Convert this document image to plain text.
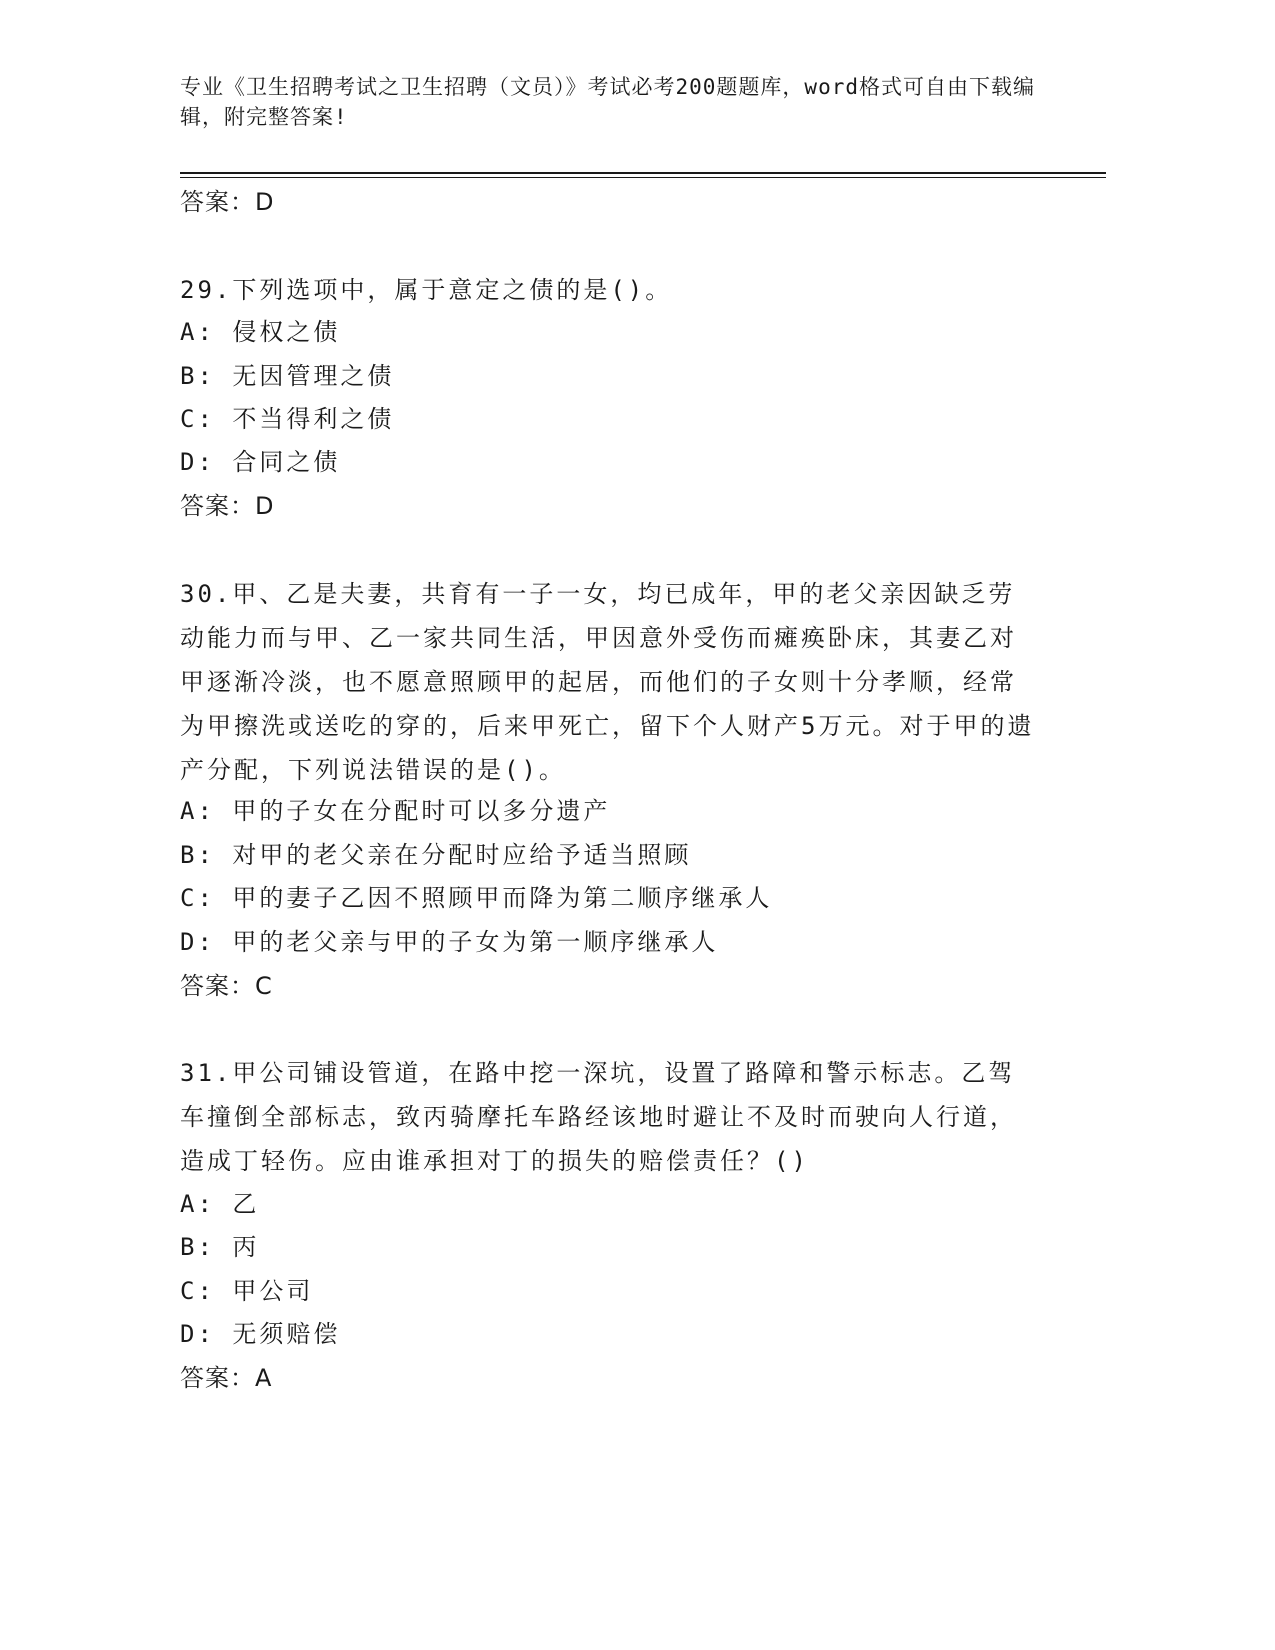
专业《卫生招聘考试之卫生招聘（文员）》考试必考200题题库，word格式可自由下载编辑，附完整答案!
答案：D
29.下列选项中，属于意定之债的是()。
A: 侵权之债
B: 无因管理之债
C: 不当得利之债
D: 合同之债
答案：D
30.甲、乙是夫妻，共育有一子一女，均已成年，甲的老父亲因缺乏劳动能力而与甲、乙一家共同生活，甲因意外受伤而瘫痪卧床，其妻乙对甲逐渐冷淡，也不愿意照顾甲的起居，而他们的子女则十分孝顺，经常为甲擦洗或送吃的穿的，后来甲死亡，留下个人财产5万元。对于甲的遗产分配，下列说法错误的是()。
A: 甲的子女在分配时可以多分遗产
B: 对甲的老父亲在分配时应给予适当照顾
C: 甲的妻子乙因不照顾甲而降为第二顺序继承人
D: 甲的老父亲与甲的子女为第一顺序继承人
答案：C
31.甲公司铺设管道，在路中挖一深坑，设置了路障和警示标志。乙驾车撞倒全部标志，致丙骑摩托车路经该地时避让不及时而驶向人行道，造成丁轻伤。应由谁承担对丁的损失的赔偿责任？()
A: 乙
B: 丙
C: 甲公司
D: 无须赔偿
答案：A
